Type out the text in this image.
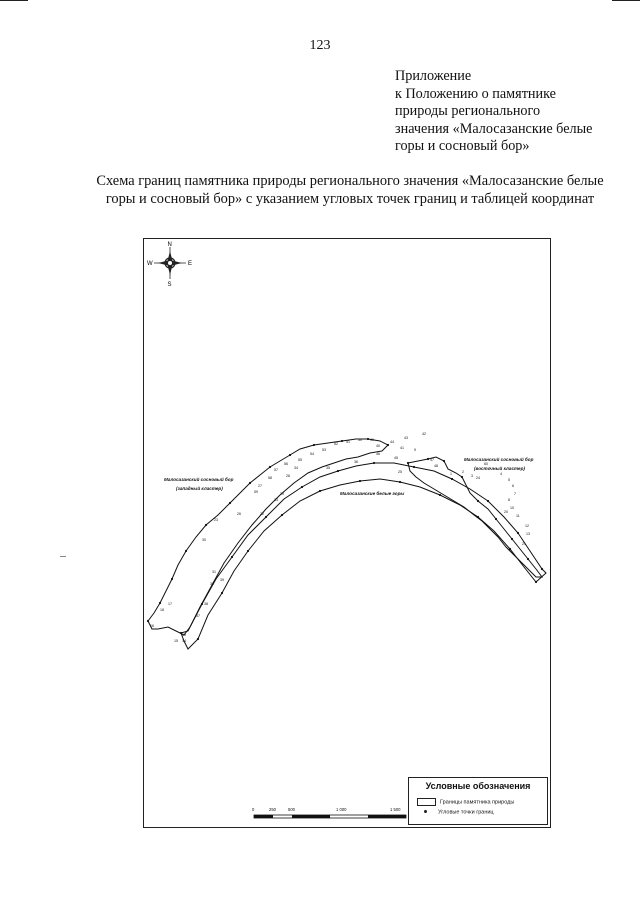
123
Приложение
к Положению о памятнике
природы регионального
значения «Малосазанские белые
горы и сосновый бор»
Схема границ памятника природы регионального значения «Малосазанские белые горы и сосновый бор» с указанием угловых точек границ и таблицей координат
N
S
W	E
1	2
3	4
5
6
7
8
9
10
11
12
13
14
15
16
17
18
19
20
21
22
23
24
25
26
27
28
29
30
31
32
33
34	35
36
37
38
39
40	41
42
43
44
45
46
47
48
49
50
51
52
53
54
55
56
57
58
59
60
Малосазанский сосновый бор
(западный кластер)
Малосазанский сосновый бор
(восточный кластер)
Малосазанские белые горы
0	250	500	1 000	1 500
Условные обозначения
Границы памятника природы
Угловые точки границ
